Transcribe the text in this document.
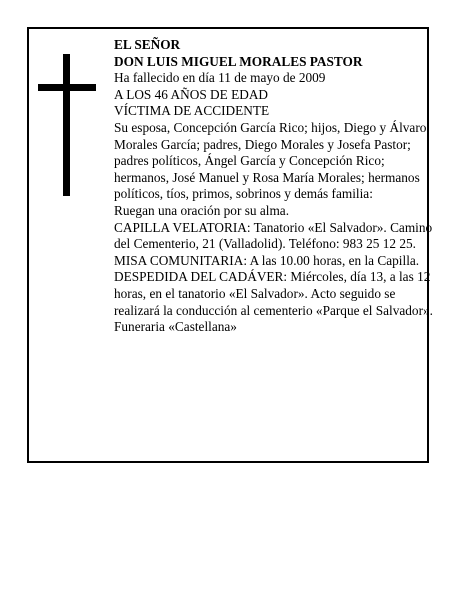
EL SEÑOR

DON LUIS MIGUEL MORALES PASTOR

Ha fallecido en día 11 de mayo de 2009

A LOS 46 AÑOS DE EDAD

VÍCTIMA DE ACCIDENTE

Su esposa, Concepción García Rico; hijos, Diego y Álvaro Morales García; padres, Diego Morales y Josefa Pastor; padres políticos, Ángel García y Concepción Rico; hermanos, José Manuel y Rosa María Morales; hermanos políticos, tíos, primos, sobrinos y demás familia:

Ruegan una oración por su alma.

CAPILLA VELATORIA: Tanatorio «El Salvador». Camino del Cementerio, 21 (Valladolid). Teléfono: 983 25 12 25.

MISA COMUNITARIA: A las 10.00 horas, en la Capilla.

DESPEDIDA DEL CADÁVER: Miércoles, día 13, a las 12 horas, en el tanatorio «El Salvador». Acto seguido se realizará la conducción al cementerio «Parque el Salvador».

Funeraria «Castellana»
